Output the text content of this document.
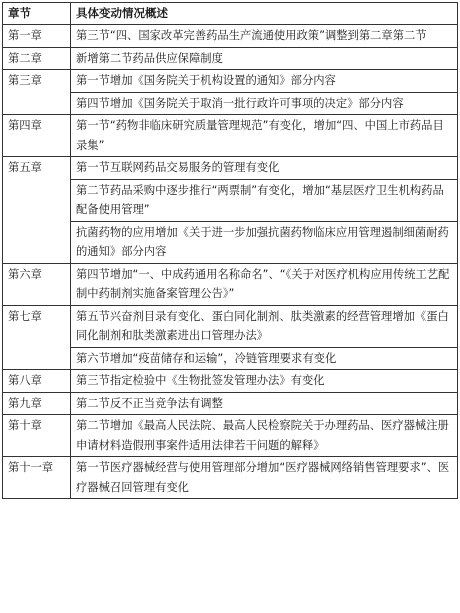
章节	具体变动情况概述
第一章	第三节“四、国家改革完善药品生产流通使用政策”调整到第二章第二节
第二章	新增第二节药品供应保障制度
第三章	第一节增加《国务院关于机构设置的通知》部分内容
	第四节增加《国务院关于取消一批行政许可事项的决定》部分内容
第四章	第一节“药物非临床研究质量管理规范”有变化，增加“四、中国上市药品目录集”
第五章	第一节互联网药品交易服务的管理有变化
	第二节药品采购中逐步推行“两票制”有变化，增加“基层医疗卫生机构药品配备使用管理”
	抗菌药物的应用增加《关于进一步加强抗菌药物临床应用管理遏制细菌耐药的通知》部分内容
第六章	第四节增加“一、中成药通用名称命名”、“《关于对医疗机构应用传统工艺配制中药制剂实施备案管理公告》”
第七章	第五节兴奋剂目录有变化、蛋白同化制剂、肽类激素的经营管理增加《蛋白同化制剂和肽类激素进出口管理办法》
	第六节增加“疫苗储存和运输”，冷链管理要求有变化
第八章	第三节指定检验中《生物批签发管理办法》有变化
第九章	第二节反不正当竞争法有调整
第十章	第二节增加《最高人民法院、最高人民检察院关于办理药品、医疗器械注册申请材料造假刑事案件适用法律若干问题的解释》
第十一章	第一节医疗器械经营与使用管理部分增加“医疗器械网络销售管理要求”、医疗器械召回管理有变化
